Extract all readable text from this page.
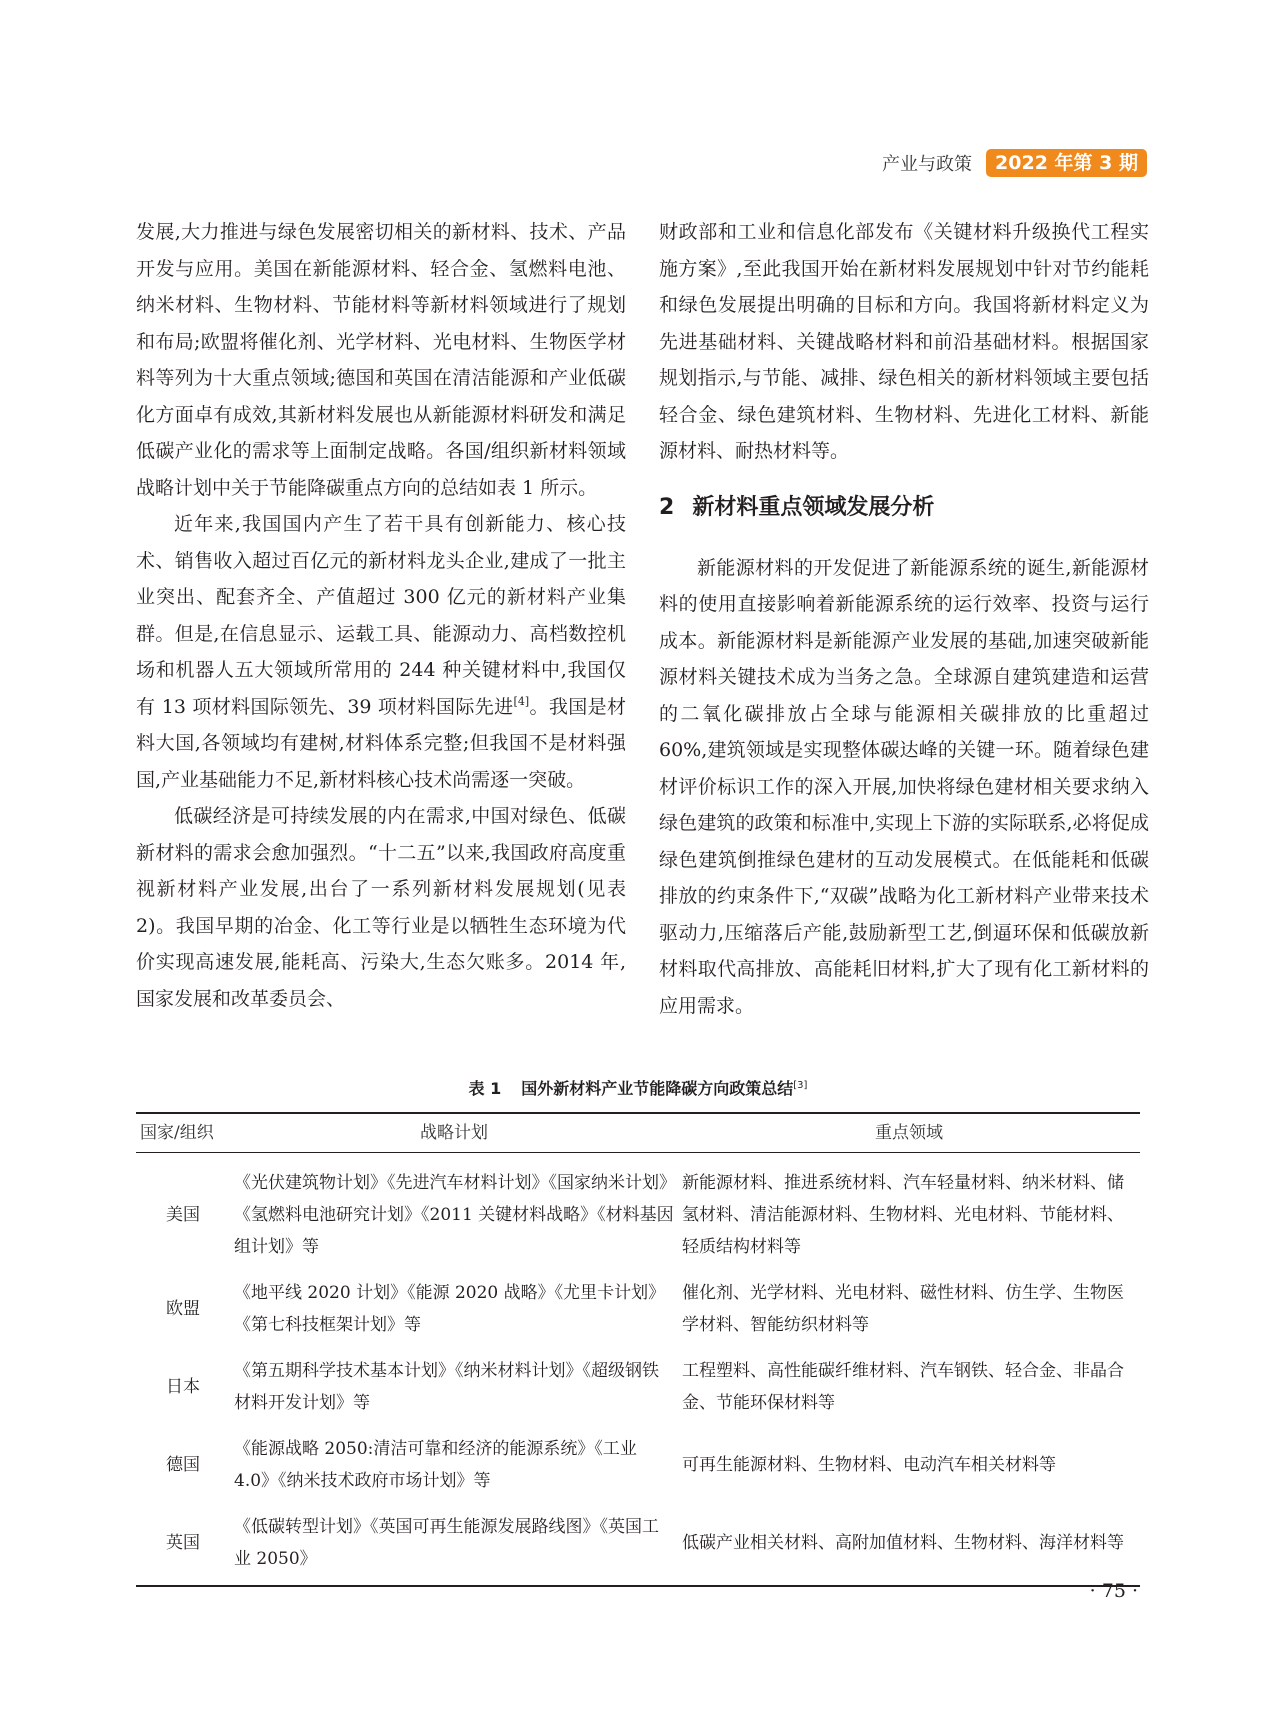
产业与政策	2022 年第 3 期

发展,大力推进与绿色发展密切相关的新材料、技术、产品开发与应用。美国在新能源材料、轻合金、氢燃料电池、纳米材料、生物材料、节能材料等新材料领域进行了规划和布局;欧盟将催化剂、光学材料、光电材料、生物医学材料等列为十大重点领域;德国和英国在清洁能源和产业低碳化方面卓有成效,其新材料发展也从新能源材料研发和满足低碳产业化的需求等上面制定战略。各国/组织新材料领域战略计划中关于节能降碳重点方向的总结如表 1 所示。

近年来,我国国内产生了若干具有创新能力、核心技术、销售收入超过百亿元的新材料龙头企业,建成了一批主业突出、配套齐全、产值超过 300 亿元的新材料产业集群。但是,在信息显示、运载工具、能源动力、高档数控机场和机器人五大领域所常用的 244 种关键材料中,我国仅有 13 项材料国际领先、39 项材料国际先进[4]。我国是材料大国,各领域均有建树,材料体系完整;但我国不是材料强国,产业基础能力不足,新材料核心技术尚需逐一突破。

低碳经济是可持续发展的内在需求,中国对绿色、低碳新材料的需求会愈加强烈。“十二五”以来,我国政府高度重视新材料产业发展,出台了一系列新材料发展规划(见表 2)。我国早期的冶金、化工等行业是以牺牲生态环境为代价实现高速发展,能耗高、污染大,生态欠账多。2014 年,国家发展和改革委员会、

财政部和工业和信息化部发布《关键材料升级换代工程实施方案》,至此我国开始在新材料发展规划中针对节约能耗和绿色发展提出明确的目标和方向。我国将新材料定义为先进基础材料、关键战略材料和前沿基础材料。根据国家规划指示,与节能、减排、绿色相关的新材料领域主要包括轻合金、绿色建筑材料、生物材料、先进化工材料、新能源材料、耐热材料等。

2 新材料重点领域发展分析

新能源材料的开发促进了新能源系统的诞生,新能源材料的使用直接影响着新能源系统的运行效率、投资与运行成本。新能源材料是新能源产业发展的基础,加速突破新能源材料关键技术成为当务之急。全球源自建筑建造和运营的二氧化碳排放占全球与能源相关碳排放的比重超过 60%,建筑领域是实现整体碳达峰的关键一环。随着绿色建材评价标识工作的深入开展,加快将绿色建材相关要求纳入绿色建筑的政策和标准中,实现上下游的实际联系,必将促成绿色建筑倒推绿色建材的互动发展模式。在低能耗和低碳排放的约束条件下,“双碳”战略为化工新材料产业带来技术驱动力,压缩落后产能,鼓励新型工艺,倒逼环保和低碳放新材料取代高排放、高能耗旧材料,扩大了现有化工新材料的应用需求。

表 1 国外新材料产业节能降碳方向政策总结[3]
国家/组织	战略计划	重点领域
美国	《光伏建筑物计划》《先进汽车材料计划》《国家纳米计划》《氢燃料电池研究计划》《2011 关键材料战略》《材料基因组计划》等	新能源材料、推进系统材料、汽车轻量材料、纳米材料、储氢材料、清洁能源材料、生物材料、光电材料、节能材料、轻质结构材料等
欧盟	《地平线 2020 计划》《能源 2020 战略》《尤里卡计划》《第七科技框架计划》等	催化剂、光学材料、光电材料、磁性材料、仿生学、生物医学材料、智能纺织材料等
日本	《第五期科学技术基本计划》《纳米材料计划》《超级钢铁材料开发计划》等	工程塑料、高性能碳纤维材料、汽车钢铁、轻合金、非晶合金、节能环保材料等
德国	《能源战略 2050:清洁可靠和经济的能源系统》《工业 4.0》《纳米技术政府市场计划》等	可再生能源材料、生物材料、电动汽车相关材料等
英国	《低碳转型计划》《英国可再生能源发展路线图》《英国工业 2050》	低碳产业相关材料、高附加值材料、生物材料、海洋材料等
· 75 ·
